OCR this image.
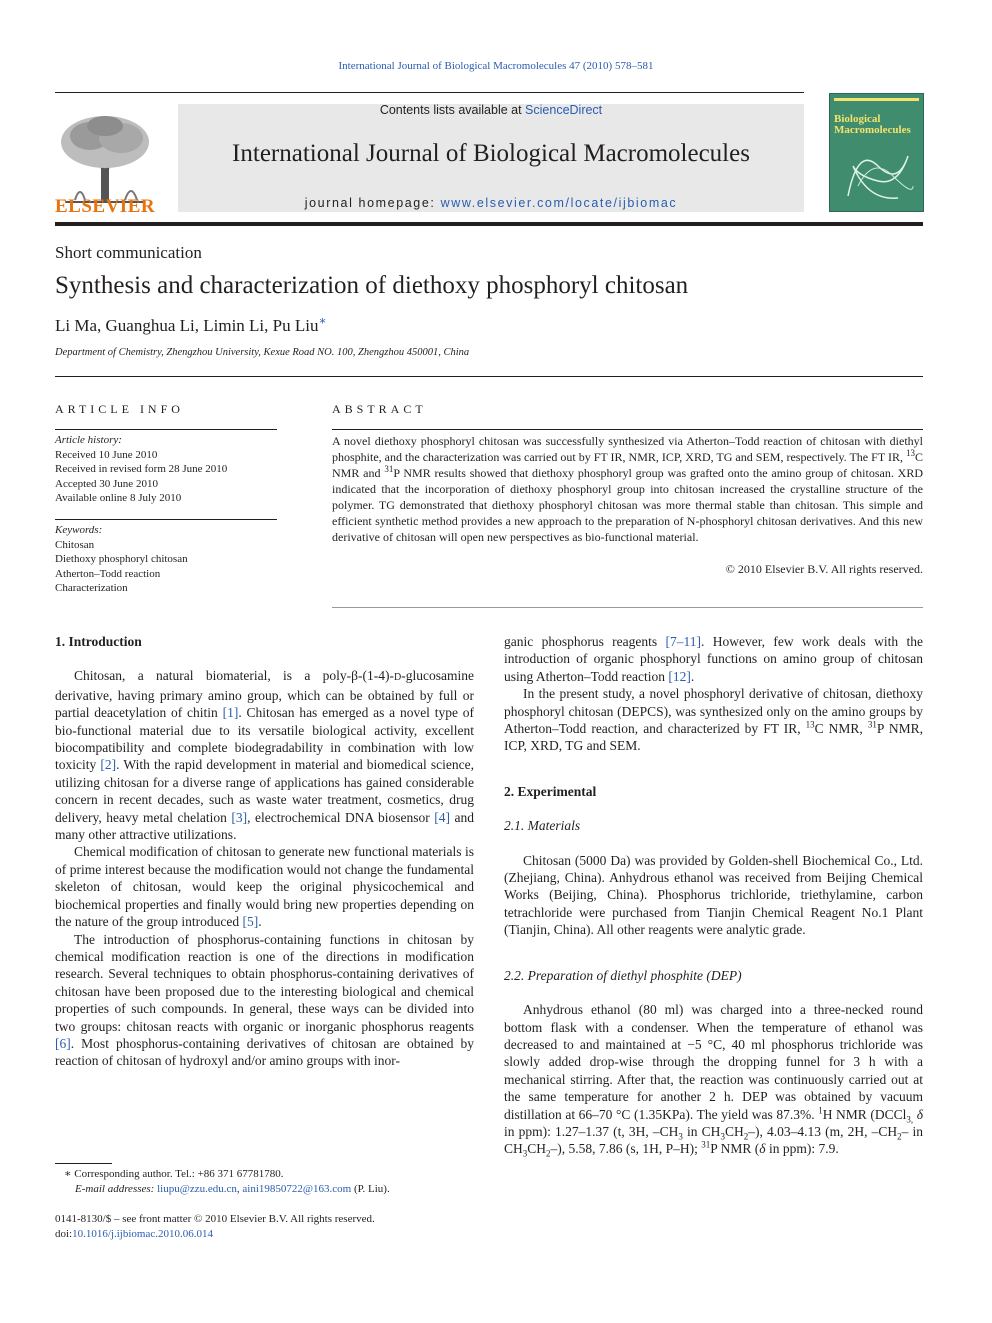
International Journal of Biological Macromolecules 47 (2010) 578–581
ELSEVIER
Contents lists available at ScienceDirect
International Journal of Biological Macromolecules
journal homepage: www.elsevier.com/locate/ijbiomac
Biological
Macromolecules
Short communication
Synthesis and characterization of diethoxy phosphoryl chitosan
Li Ma, Guanghua Li, Limin Li, Pu Liu∗
Department of Chemistry, Zhengzhou University, Kexue Road NO. 100, Zhengzhou 450001, China
ARTICLE INFO
Article history:
Received 10 June 2010
Received in revised form 28 June 2010
Accepted 30 June 2010
Available online 8 July 2010
Keywords:
Chitosan
Diethoxy phosphoryl chitosan
Atherton–Todd reaction
Characterization
ABSTRACT
A novel diethoxy phosphoryl chitosan was successfully synthesized via Atherton–Todd reaction of chitosan with diethyl phosphite, and the characterization was carried out by FT IR, NMR, ICP, XRD, TG and SEM, respectively. The FT IR, $^{13}$C NMR and $^{31}$P NMR results showed that diethoxy phosphoryl group was grafted onto the amino group of chitosan. XRD indicated that the incorporation of diethoxy phosphoryl group into chitosan increased the crystalline structure of the polymer. TG demonstrated that diethoxy phosphoryl chitosan was more thermal stable than chitosan. This simple and efficient synthetic method provides a new approach to the preparation of N-phosphoryl chitosan derivatives. And this new derivative of chitosan will open new perspectives as bio-functional material.
© 2010 Elsevier B.V. All rights reserved.
1. Introduction

Chitosan, a natural biomaterial, is a poly-β-(1-4)-D-glucosamine derivative, having primary amino group, which can be obtained by full or partial deacetylation of chitin [1]. Chitosan has emerged as a novel type of bio-functional material due to its versatile biological activity, excellent biocompatibility and complete biodegradability in combination with low toxicity [2]. With the rapid development in material and biomedical science, utilizing chitosan for a diverse range of applications has gained considerable concern in recent decades, such as waste water treatment, cosmetics, drug delivery, heavy metal chelation [3], electrochemical DNA biosensor [4] and many other attractive utilizations.

Chemical modification of chitosan to generate new functional materials is of prime interest because the modification would not change the fundamental skeleton of chitosan, would keep the original physicochemical and biochemical properties and finally would bring new properties depending on the nature of the group introduced [5].

The introduction of phosphorus-containing functions in chitosan by chemical modification reaction is one of the directions in modification research. Several techniques to obtain phosphorus-containing derivatives of chitosan have been proposed due to the interesting biological and chemical properties of such compounds. In general, these ways can be divided into two groups: chitosan reacts with organic or inorganic phosphorus reagents [6]. Most phosphorus-containing derivatives of chitosan are obtained by reaction of chitosan of hydroxyl and/or amino groups with inor-

ganic phosphorus reagents [7–11]. However, few work deals with the introduction of organic phosphoryl functions on amino group of chitosan using Atherton–Todd reaction [12].

In the present study, a novel phosphoryl derivative of chitosan, diethoxy phosphoryl chitosan (DEPCS), was synthesized only on the amino groups by Atherton–Todd reaction, and characterized by FT IR, $^{13}$C NMR, $^{31}$P NMR, ICP, XRD, TG and SEM.

2. Experimental
2.1. Materials

Chitosan (5000 Da) was provided by Golden-shell Biochemical Co., Ltd. (Zhejiang, China). Anhydrous ethanol was received from Beijing Chemical Works (Beijing, China). Phosphorus trichloride, triethylamine, carbon tetrachloride were purchased from Tianjin Chemical Reagent No.1 Plant (Tianjin, China). All other reagents were analytic grade.

2.2. Preparation of diethyl phosphite (DEP)

Anhydrous ethanol (80 ml) was charged into a three-necked round bottom flask with a condenser. When the temperature of ethanol was decreased to and maintained at −5 °C, 40 ml phosphorus trichloride was slowly added drop-wise through the dropping funnel for 3 h with a mechanical stirring. After that, the reaction was continuously carried out at the same temperature for another 2 h. DEP was obtained by vacuum distillation at 66–70 °C (1.35KPa). The yield was 87.3%. $^1$H NMR (DCCl$_{3,}$ δ in ppm): 1.27–1.37 (t, 3H, $-CH_3$ in $CH_3CH_2-$), 4.03–4.13 (m, 2H, $-CH_2-$ in $CH_3CH_2-$), 5.58, 7.86 (s, 1H, P–H); $^{31}$P NMR (δ in ppm): 7.9.

∗ Corresponding author. Tel.: +86 371 67781780.
E-mail addresses: liupu@zzu.edu.cn, aini19850722@163.com (P. Liu).
0141-8130/$ – see front matter © 2010 Elsevier B.V. All rights reserved.
doi:10.1016/j.ijbiomac.2010.06.014
